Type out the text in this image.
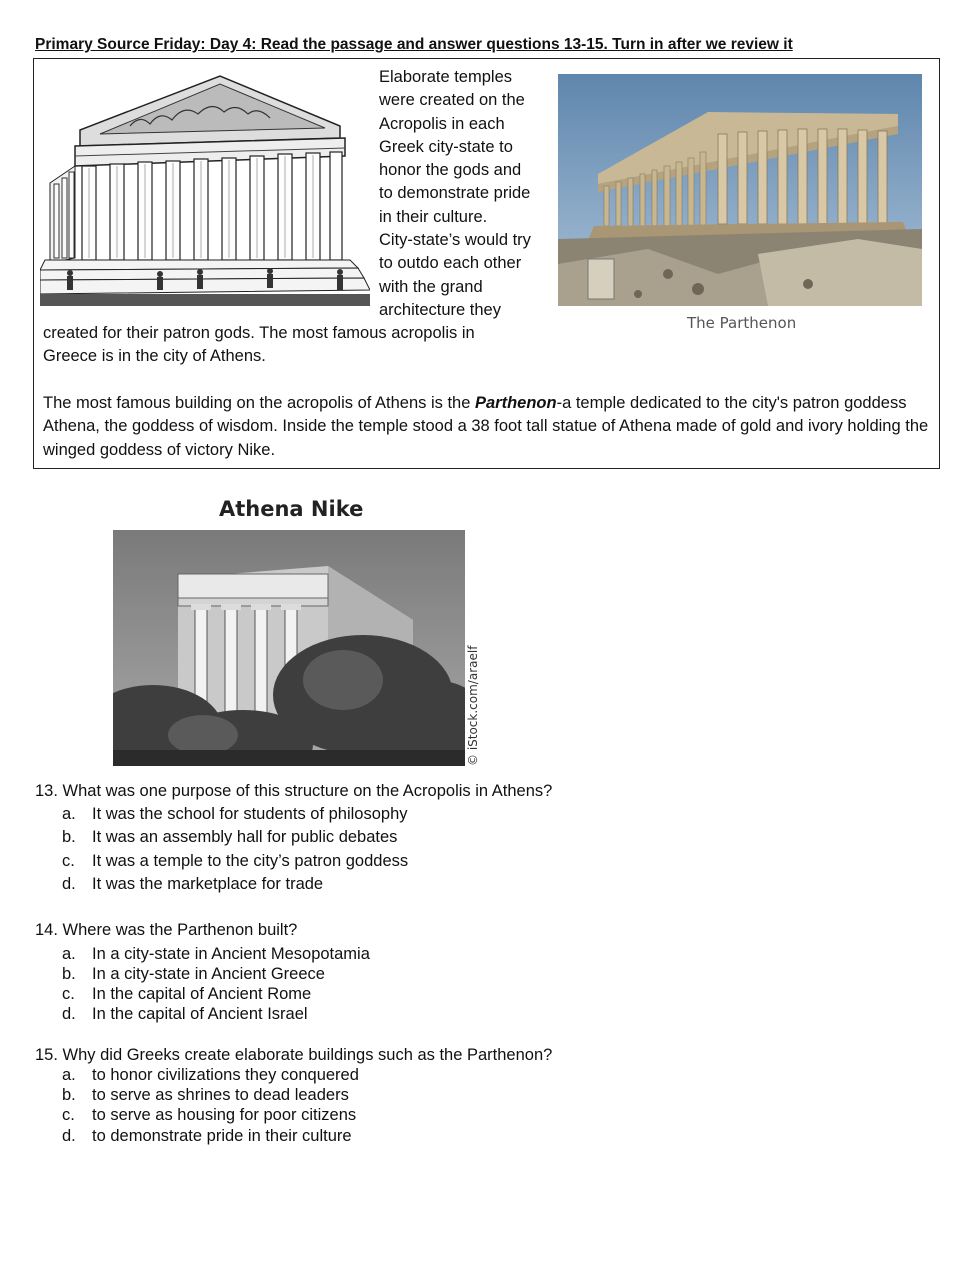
Primary Source Friday: Day 4: Read the passage and answer questions 13-15. Turn in after we review it
Elaborate temples
were created on the
Acropolis in each
Greek city-state to
honor the gods and
to demonstrate pride
in their culture.
City-state’s would try
to outdo each other
with the grand
architecture they
created for their patron gods. The most famous acropolis in
Greece is in the city of Athens.
The Parthenon
The most famous building on the acropolis of Athens is the Parthenon-a temple dedicated to the city's patron goddess Athena, the goddess of wisdom. Inside the temple stood a 38 foot tall statue of Athena made of gold and ivory holding the winged goddess of victory Nike.
Athena Nike
© iStock.com/araelf
13. What was one purpose of this structure on the Acropolis in Athens?
a. It was the school for students of philosophy
b. It was an assembly hall for public debates
c. It was a temple to the city’s patron goddess
d. It was the marketplace for trade
14. Where was the Parthenon built?
a. In a city-state in Ancient Mesopotamia
b. In a city-state in Ancient Greece
c. In the capital of Ancient Rome
d. In the capital of Ancient Israel
15. Why did Greeks create elaborate buildings such as the Parthenon?
a. to honor civilizations they conquered
b. to serve as shrines to dead leaders
c. to serve as housing for poor citizens
d. to demonstrate pride in their culture
